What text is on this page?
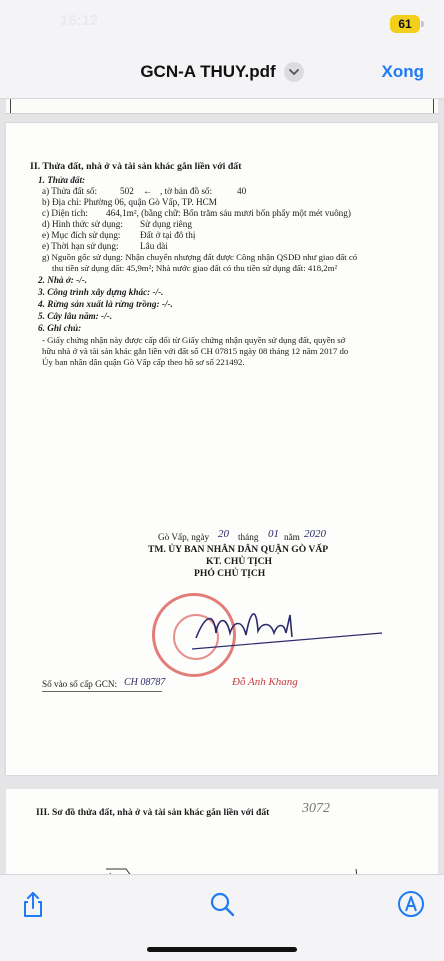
16:12	61
GCN-A THUY.pdf	Xong
II. Thửa đất, nhà ở và tài sản khác gắn liền với đất
1. Thửa đất:
a) Thửa đất số: 502 ← , tờ bản đồ số:	40
b) Địa chỉ: Phường 06, quận Gò Vấp, TP. HCM
c) Diện tích: 464,1m², (bằng chữ: Bốn trăm sáu mươi bốn phẩy một mét vuông)
d) Hình thức sử dụng: Sử dụng riêng
e) Mục đích sử dụng: Đất ở tại đô thị
e) Thời hạn sử dụng: Lâu dài
g) Nguồn gốc sử dụng: Nhận chuyển nhượng đất được Công nhận QSDĐ như giao đất có
thu tiền sử dụng đất: 45,9m²; Nhà nước giao đất có thu tiền sử dụng đất: 418,2m²
2. Nhà ở: -/-.
3. Công trình xây dựng khác: -/-.
4. Rừng sản xuất là rừng trồng: -/-.
5. Cây lâu năm: -/-.
6. Ghi chú:
- Giấy chứng nhận này được cấp đổi từ Giấy chứng nhận quyền sử dụng đất, quyền sở
hữu nhà ở và tài sản khác gắn liền với đất số CH 07815 ngày 08 tháng 12 năm 2017 do
Ủy ban nhân dân quận Gò Vấp cấp theo hồ sơ số 221492.
Gò Vấp, ngày 20 tháng 01 năm 2020
TM. ỦY BAN NHÂN DÂN QUẬN GÒ VẤP
KT. CHỦ TỊCH
PHÓ CHỦ TỊCH
Đỗ Anh Khang
Số vào sổ cấp GCN: CH 08787
III. Sơ đồ thửa đất, nhà ở và tài sản khác gắn liền với đất 3072
